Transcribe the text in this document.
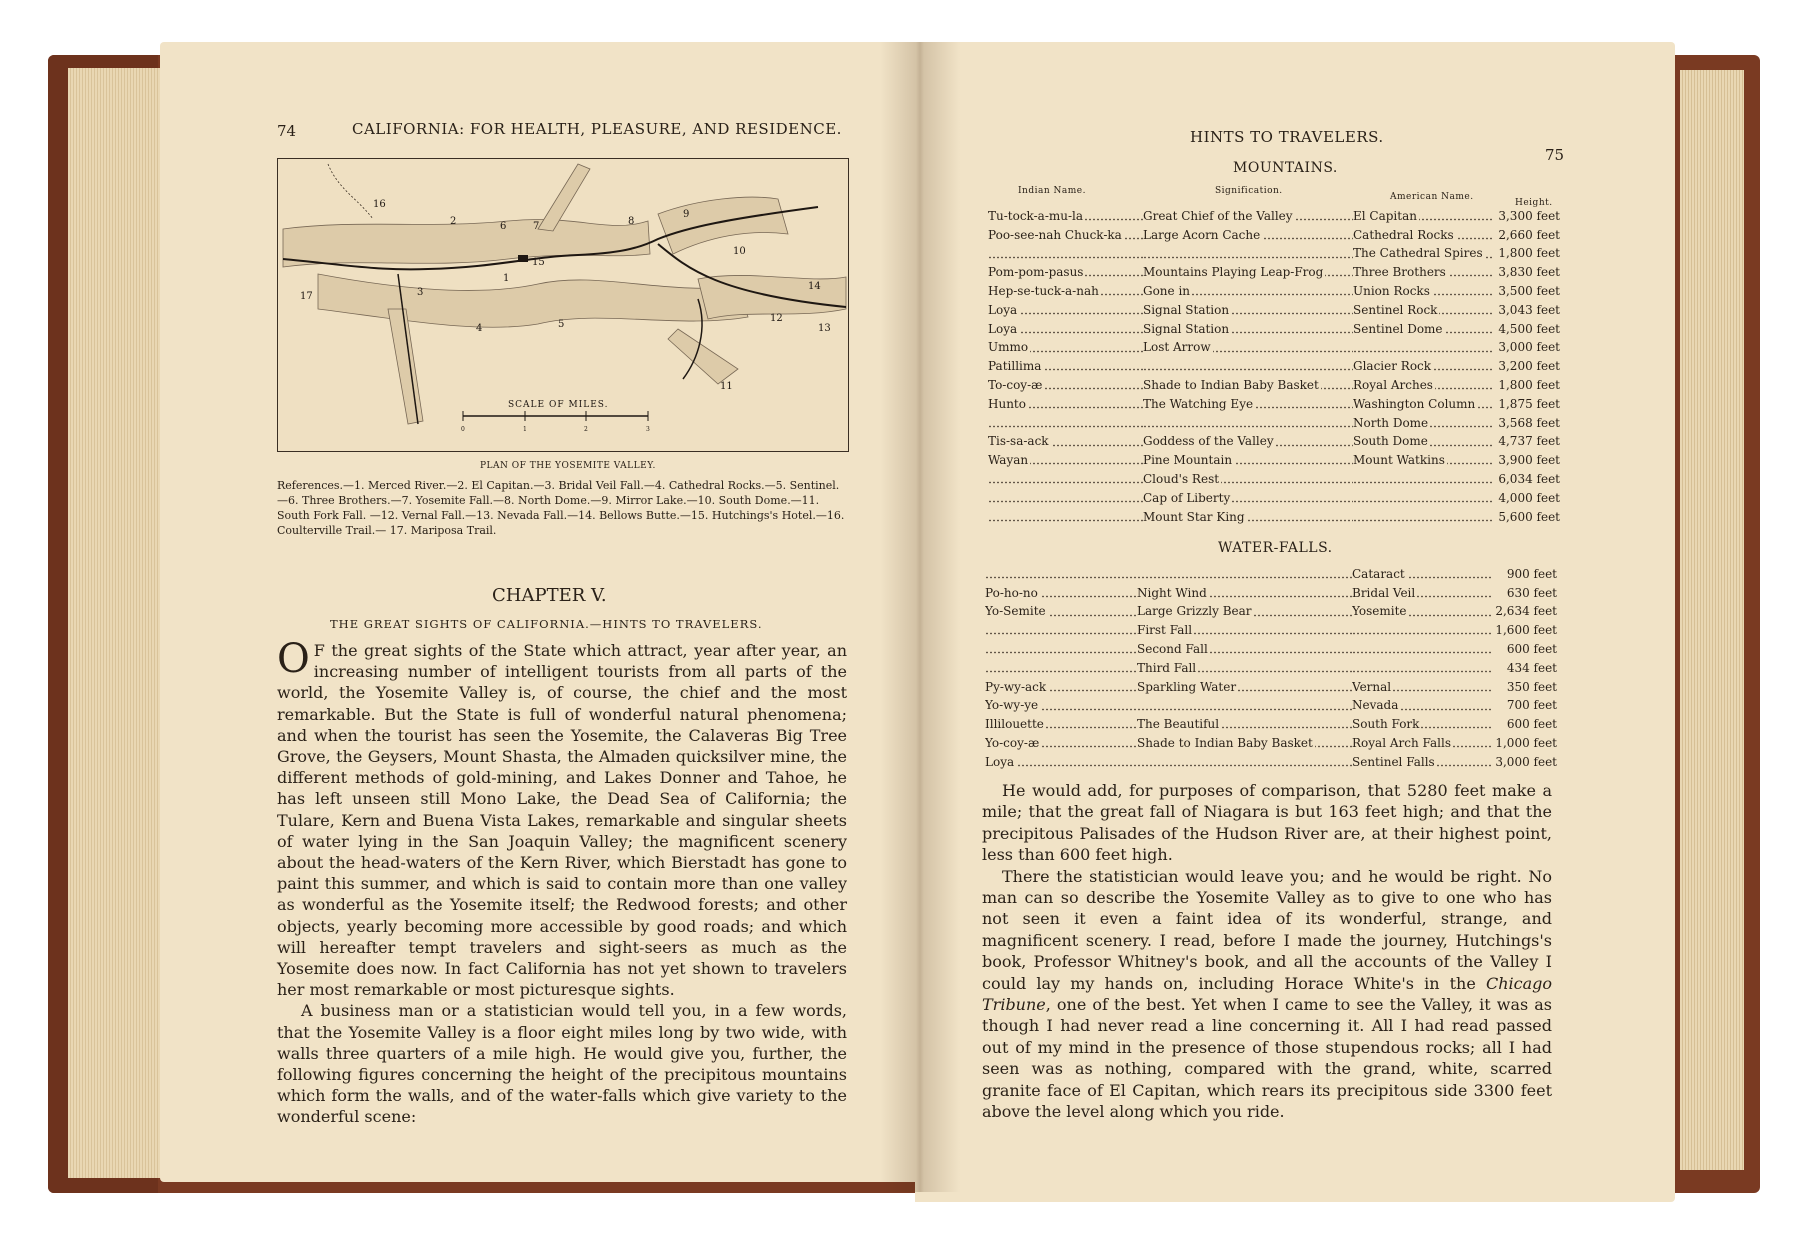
74	CALIFORNIA: FOR HEALTH, PLEASURE, AND RESIDENCE.
SCALE OF MILES.
0	1	2	3
1
2
3
4	5
6	7	8
9
10
11
12
13
14
15
16
17
PLAN OF THE YOSEMITE VALLEY.
References.—1. Merced River.—2. El Capitan.—3. Bridal Veil Fall.—4. Cathedral Rocks.—5. Sentinel.—6. Three Brothers.—7. Yosemite Fall.—8. North Dome.—9. Mirror Lake.—10. South Dome.—11. South Fork Fall. —12. Vernal Fall.—13. Nevada Fall.—14. Bellows Butte.—15. Hutchings's Hotel.—16. Coulterville Trail.— 17. Mariposa Trail.
CHAPTER V.
THE GREAT SIGHTS OF CALIFORNIA.—HINTS TO TRAVELERS.

O F the great sights of the State which attract, year after year, an increasing number of intelligent tourists from all parts of the world, the Yosemite Valley is, of course, the chief and the most remarkable. But the State is full of wonderful natural phenomena; and when the tourist has seen the Yosemite, the Calaveras Big Tree Grove, the Geysers, Mount Shasta, the Almaden quicksilver mine, the different methods of gold-mining, and Lakes Donner and Tahoe, he has left unseen still Mono Lake, the Dead Sea of California; the Tulare, Kern and Buena Vista Lakes, remarkable and singular sheets of water lying in the San Joaquin Valley; the magnificent scenery about the head-waters of the Kern River, which Bierstadt has gone to paint this summer, and which is said to contain more than one valley as wonderful as the Yosemite itself; the Redwood forests; and other objects, yearly becoming more accessible by good roads; and which will hereafter tempt travelers and sight-seers as much as the Yosemite does now. In fact California has not yet shown to travelers her most remarkable or most picturesque sights.

A business man or a statistician would tell you, in a few words, that the Yosemite Valley is a floor eight miles long by two wide, with walls three quarters of a mile high. He would give you, further, the following figures concerning the height of the precipitous mountains which form the walls, and of the water-falls which give variety to the wonderful scene:

HINTS TO TRAVELERS.
75
MOUNTAINS.
Indian Name.	Signification.
American Name.
Height.
Tu-tock-a-mu-la	Great Chief of the Valley	El Capitan	3,300 feet
Poo-see-nah Chuck-ka	Large Acorn Cache	Cathedral Rocks	2,660 feet
		The Cathedral Spires	1,800 feet
Pom-pom-pasus	Mountains Playing Leap-Frog	Three Brothers	3,830 feet
Hep-se-tuck-a-nah	Gone in	Union Rocks	3,500 feet
Loya	Signal Station	Sentinel Rock	3,043 feet
Loya	Signal Station	Sentinel Dome	4,500 feet
Ummo	Lost Arrow		3,000 feet
Patillima		Glacier Rock	3,200 feet
To-coy-æ	Shade to Indian Baby Basket	Royal Arches	1,800 feet
Hunto	The Watching Eye	Washington Column	1,875 feet
		North Dome	3,568 feet
Tis-sa-ack	Goddess of the Valley	South Dome	4,737 feet
Wayan	Pine Mountain	Mount Watkins	3,900 feet
	Cloud's Rest		6,034 feet
	Cap of Liberty		4,000 feet
	Mount Star King		5,600 feet
WATER-FALLS.
		Cataract	900 feet
Po-ho-no	Night Wind	Bridal Veil	630 feet
Yo-Semite	Large Grizzly Bear	Yosemite	2,634 feet
	First Fall		1,600 feet
	Second Fall		600 feet
	Third Fall		434 feet
Py-wy-ack	Sparkling Water	Vernal	350 feet
Yo-wy-ye		Nevada	700 feet
Illilouette	The Beautiful	South Fork	600 feet
Yo-coy-æ	Shade to Indian Baby Basket	Royal Arch Falls	1,000 feet
Loya		Sentinel Falls	3,000 feet

He would add, for purposes of comparison, that 5280 feet make a mile; that the great fall of Niagara is but 163 feet high; and that the precipitous Palisades of the Hudson River are, at their highest point, less than 600 feet high.

There the statistician would leave you; and he would be right. No man can so describe the Yosemite Valley as to give to one who has not seen it even a faint idea of its wonderful, strange, and magnificent scenery. I read, before I made the journey, Hutchings's book, Professor Whitney's book, and all the accounts of the Valley I could lay my hands on, including Horace White's in the Chicago Tribune, one of the best. Yet when I came to see the Valley, it was as though I had never read a line concerning it. All I had read passed out of my mind in the presence of those stupendous rocks; all I had seen was as nothing, compared with the grand, white, scarred granite face of El Capitan, which rears its precipitous side 3300 feet above the level along which you ride.
